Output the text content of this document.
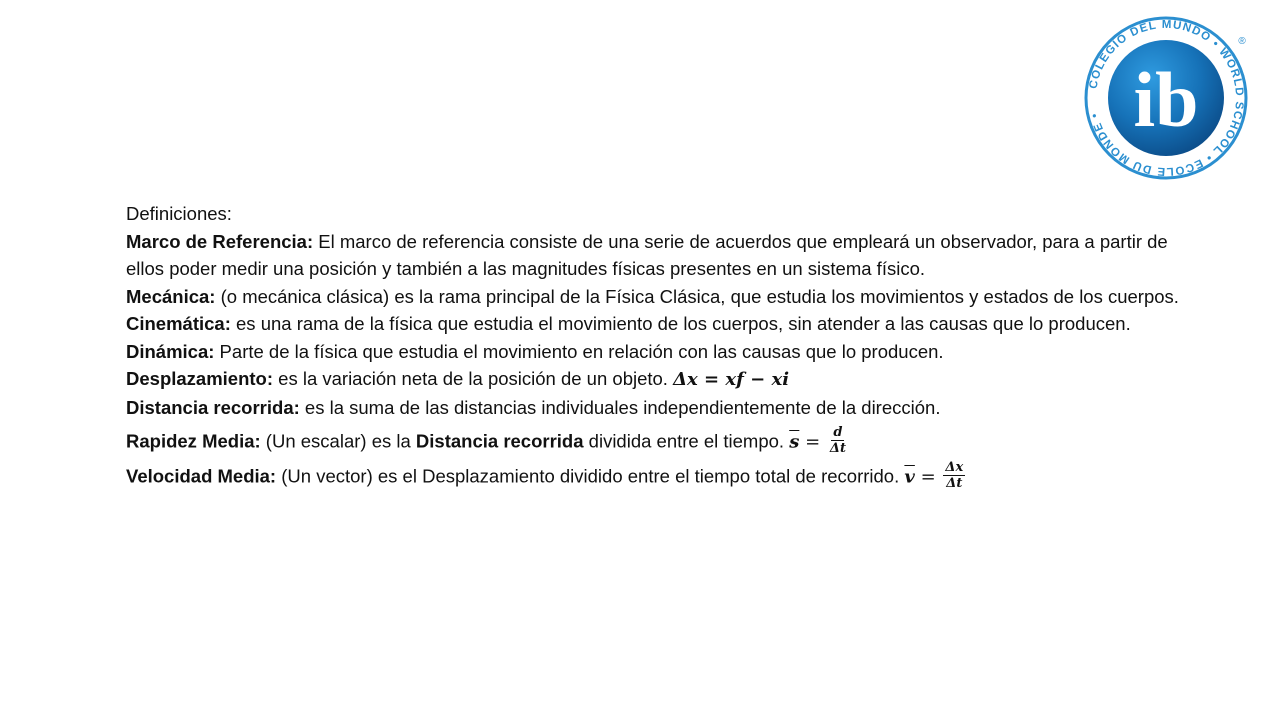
COLEGIO DEL MUNDO • WORLD SCHOOL • ÉCOLE DU MONDE • ib
®

Definiciones:

Marco de Referencia: El marco de referencia consiste de una serie de acuerdos que empleará un observador, para a partir de ellos poder medir una posición y también a las magnitudes físicas presentes en un sistema físico.

Mecánica: (o mecánica clásica) es la rama principal de la Física Clásica, que estudia los movimientos y estados de los cuerpos.

Cinemática: es una rama de la física que estudia el movimiento de los cuerpos, sin atender a las causas que lo producen.

Dinámica: Parte de la física que estudia el movimiento en relación con las causas que lo producen.

Desplazamiento: es la variación neta de la posición de un objeto. Δx = xf − xi

Distancia recorrida: es la suma de las distancias individuales independientemente de la dirección.

Rapidez Media: (Un escalar) es la Distancia recorrida dividida entre el tiempo. $\overline{s} = \frac{d}{\Delta t}$

Velocidad Media: (Un vector) es el Desplazamiento dividido entre el tiempo total de recorrido. $\overline{v} = \frac{\Delta x}{\Delta t}$
